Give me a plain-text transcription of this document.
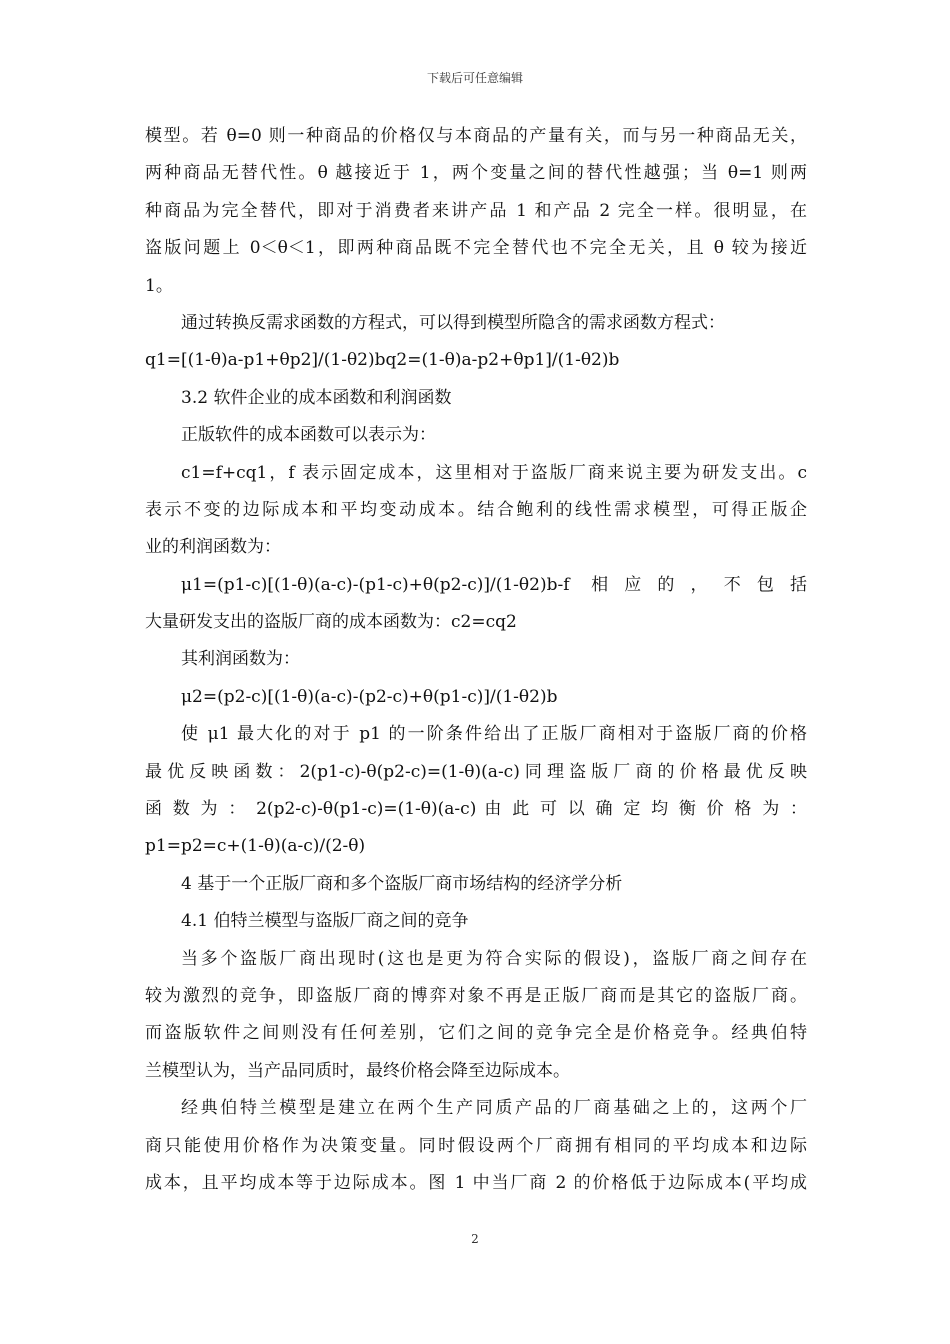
下载后可任意编辑
模型。若 θ=0 则一种商品的价格仅与本商品的产量有关，而与另一种商品无关，
两种商品无替代性。θ 越接近于 1，两个变量之间的替代性越强；当 θ=1 则两
种商品为完全替代，即对于消费者来讲产品 1 和产品 2 完全一样。很明显，在
盗版问题上 0＜θ＜1，即两种商品既不完全替代也不完全无关，且 θ 较为接近
1。
通过转换反需求函数的方程式，可以得到模型所隐含的需求函数方程式：
q1=[(1-θ)a-p1+θp2]/(1-θ2)bq2=(1-θ)a-p2+θp1]/(1-θ2)b
3.2 软件企业的成本函数和利润函数
正版软件的成本函数可以表示为：
c1=f+cq1，f 表示固定成本，这里相对于盗版厂商来说主要为研发支出。c
表示不变的边际成本和平均变动成本。结合鲍利的线性需求模型，可得正版企
业的利润函数为：
μ1=(p1-c)[(1-θ)(a-c)-(p1-c)+θ(p2-c)]/(1-θ2)b-f 相应的，不包括
大量研发支出的盗版厂商的成本函数为：c2=cq2
其利润函数为：
μ2=(p2-c)[(1-θ)(a-c)-(p2-c)+θ(p1-c)]/(1-θ2)b
使 μ1 最大化的对于 p1 的一阶条件给出了正版厂商相对于盗版厂商的价格
最优反映函数：2(p1-c)-θ(p2-c)=(1-θ)(a-c)同理盗版厂商的价格最优反映
函 数 为 ： 2(p2-c)-θ(p1-c)=(1-θ)(a-c) 由 此 可 以 确 定 均 衡 价 格 为 ：
p1=p2=c+(1-θ)(a-c)/(2-θ)
4 基于一个正版厂商和多个盗版厂商市场结构的经济学分析
4.1 伯特兰模型与盗版厂商之间的竞争
当多个盗版厂商出现时(这也是更为符合实际的假设)，盗版厂商之间存在
较为激烈的竞争，即盗版厂商的博弈对象不再是正版厂商而是其它的盗版厂商。
而盗版软件之间则没有任何差别，它们之间的竞争完全是价格竞争。经典伯特
兰模型认为，当产品同质时，最终价格会降至边际成本。
经典伯特兰模型是建立在两个生产同质产品的厂商基础之上的，这两个厂
商只能使用价格作为决策变量。同时假设两个厂商拥有相同的平均成本和边际
成本，且平均成本等于边际成本。图 1 中当厂商 2 的价格低于边际成本(平均成
2
